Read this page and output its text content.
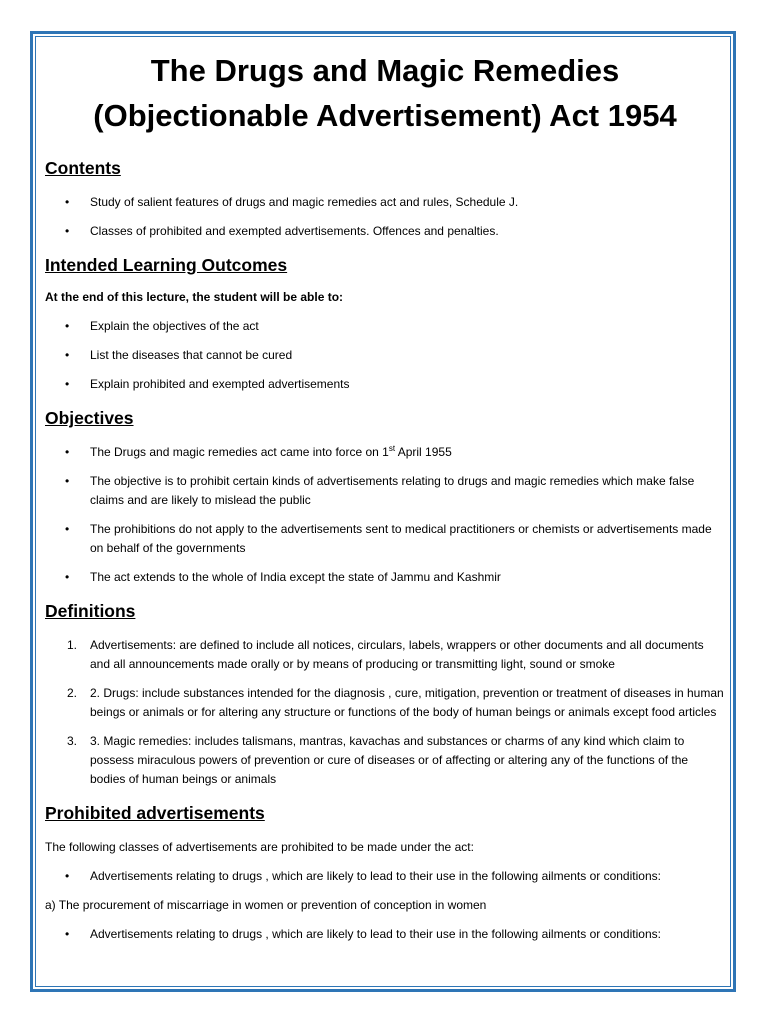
The Drugs and Magic Remedies
(Objectionable Advertisement) Act 1954
Contents
• Study of salient features of drugs and magic remedies act and rules, Schedule J.
• Classes of prohibited and exempted advertisements. Offences and penalties.
Intended Learning Outcomes

At the end of this lecture, the student will be able to:

• Explain the objectives of the act
• List the diseases that cannot be cured
• Explain prohibited and exempted advertisements
Objectives
• The Drugs and magic remedies act came into force on 1st April 1955
• The objective is to prohibit certain kinds of advertisements relating to drugs and magic remedies which make false claims and are likely to mislead the public
• The prohibitions do not apply to the advertisements sent to medical practitioners or chemists or advertisements made on behalf of the governments
• The act extends to the whole of India except the state of Jammu and Kashmir
Definitions
1. Advertisements: are defined to include all notices, circulars, labels, wrappers or other documents and all documents and all announcements made orally or by means of producing or transmitting light, sound or smoke
2. 2. Drugs: include substances intended for the diagnosis , cure, mitigation, prevention or treatment of diseases in human beings or animals or for altering any structure or functions of the body of human beings or animals except food articles
3. 3. Magic remedies: includes talismans, mantras, kavachas and substances or charms of any kind which claim to possess miraculous powers of prevention or cure of diseases or of affecting or altering any of the functions of the bodies of human beings or animals
Prohibited advertisements

The following classes of advertisements are prohibited to be made under the act:

• Advertisements relating to drugs , which are likely to lead to their use in the following ailments or conditions:

a) The procurement of miscarriage in women or prevention of conception in women

• Advertisements relating to drugs , which are likely to lead to their use in the following ailments or conditions:
